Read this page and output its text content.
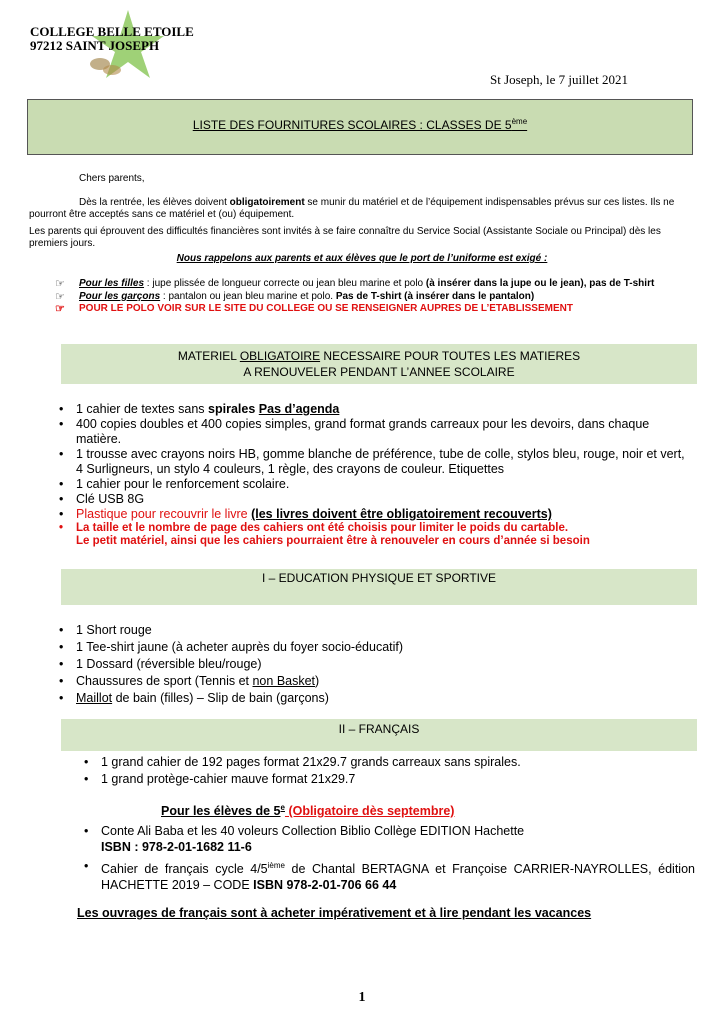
COLLEGE BELLE ETOILE
97212 SAINT JOSEPH
St Joseph, le 7 juillet 2021
LISTE DES FOURNITURES SCOLAIRES : CLASSES DE 5ème
Chers parents,
Dès la rentrée, les élèves doivent obligatoirement se munir du matériel et de l’équipement indispensables prévus sur ces listes. Ils ne pourront être acceptés sans ce matériel et (ou) équipement.
Les parents qui éprouvent des difficultés financières sont invités à se faire connaître du Service Social (Assistante Sociale ou Principal) dès les premiers jours.
Nous rappelons aux parents et aux élèves que le port de l’uniforme est exigé :
☞ Pour les filles : jupe plissée de longueur correcte ou jean bleu marine et polo (à insérer dans la jupe ou le jean), pas de T-shirt
☞ Pour les garçons : pantalon ou jean bleu marine et polo. Pas de T-shirt (à insérer dans le pantalon)
☞ POUR LE POLO VOIR SUR LE SITE DU COLLEGE OU SE RENSEIGNER AUPRES DE L’ETABLISSEMENT
MATERIEL OBLIGATOIRE NECESSAIRE POUR TOUTES LES MATIERES
A RENOUVELER PENDANT L’ANNEE SCOLAIRE
• 1 cahier de textes sans spirales Pas d’agenda
• 400 copies doubles et 400 copies simples, grand format grands carreaux pour les devoirs, dans chaque matière.
• 1 trousse avec crayons noirs HB, gomme blanche de préférence, tube de colle, stylos bleu, rouge, noir et vert, 4 Surligneurs, un stylo 4 couleurs, 1 règle, des crayons de couleur. Etiquettes
• 1 cahier pour le renforcement scolaire.
• Clé USB 8G
• Plastique pour recouvrir le livre (les livres doivent être obligatoirement recouverts)
• La taille et le nombre de page des cahiers ont été choisis pour limiter le poids du cartable.
Le petit matériel, ainsi que les cahiers pourraient être à renouveler en cours d’année si besoin
I – EDUCATION PHYSIQUE ET SPORTIVE
• 1 Short rouge
• 1 Tee-shirt jaune (à acheter auprès du foyer socio-éducatif)
• 1 Dossard (réversible bleu/rouge)
• Chaussures de sport (Tennis et non Basket)
• Maillot de bain (filles) – Slip de bain (garçons)
II – FRANÇAIS
• 1 grand cahier de 192 pages format 21x29.7 grands carreaux sans spirales.
• 1 grand protège-cahier mauve format 21x29.7
Pour les élèves de 5e (Obligatoire dès septembre)
• Conte Ali Baba et les 40 voleurs Collection Biblio Collège EDITION Hachette
ISBN : 978-2-01-1682 11-6
• Cahier de français cycle 4/5ième de Chantal BERTAGNA et Françoise CARRIER-NAYROLLES, édition HACHETTE 2019 – CODE ISBN 978-2-01-706 66 44
Les ouvrages de français sont à acheter impérativement et à lire pendant les vacances
1
